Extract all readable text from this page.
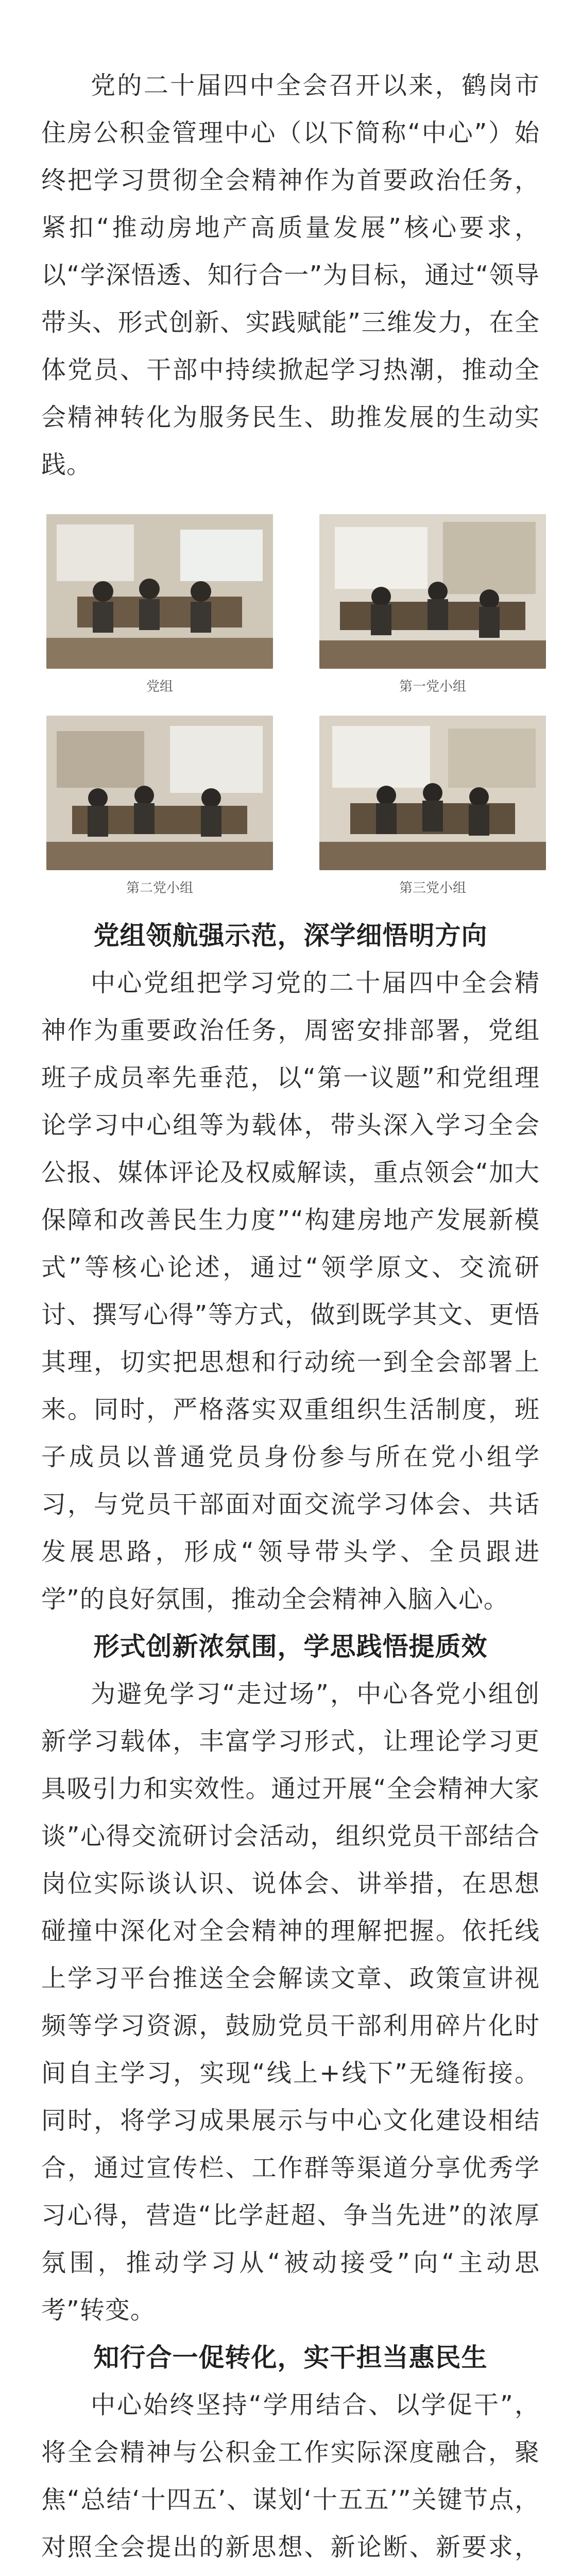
党的二十届四中全会召开以来，鹤岗市住房公积金管理中心（以下简称“中心”）始终把学习贯彻全会精神作为首要政治任务，紧扣“推动房地产高质量发展”核心要求，以“学深悟透、知行合一”为目标，通过“领导带头、形式创新、实践赋能”三维发力，在全体党员、干部中持续掀起学习热潮，推动全会精神转化为服务民生、助推发展的生动实践。

党组	第一党小组
第二党小组	第三党小组
党组领航强示范，深学细悟明方向

中心党组把学习党的二十届四中全会精神作为重要政治任务，周密安排部署，党组班子成员率先垂范，以“第一议题”和党组理论学习中心组等为载体，带头深入学习全会公报、媒体评论及权威解读，重点领会“加大保障和改善民生力度”“构建房地产发展新模式”等核心论述，通过“领学原文、交流研讨、撰写心得”等方式，做到既学其文、更悟其理，切实把思想和行动统一到全会部署上来。同时，严格落实双重组织生活制度，班子成员以普通党员身份参与所在党小组学习，与党员干部面对面交流学习体会、共话发展思路，形成“领导带头学、全员跟进学”的良好氛围，推动全会精神入脑入心。

形式创新浓氛围，学思践悟提质效

为避免学习“走过场”，中心各党小组创新学习载体，丰富学习形式，让理论学习更具吸引力和实效性。通过开展“全会精神大家谈”心得交流研讨会活动，组织党员干部结合岗位实际谈认识、说体会、讲举措，在思想碰撞中深化对全会精神的理解把握。依托线上学习平台推送全会解读文章、政策宣讲视频等学习资源，鼓励党员干部利用碎片化时间自主学习，实现“线上+线下”无缝衔接。同时，将学习成果展示与中心文化建设相结合，通过宣传栏、工作群等渠道分享优秀学习心得，营造“比学赶超、争当先进”的浓厚氛围，推动学习从“被动接受”向“主动思考”转变。

知行合一促转化，实干担当惠民生

中心始终坚持“学用结合、以学促干”，将全会精神与公积金工作实际深度融合，聚焦“总结‘十四五’、谋划‘十五五’”关键节点，对照全会提出的新思想、新论断、新要求，
